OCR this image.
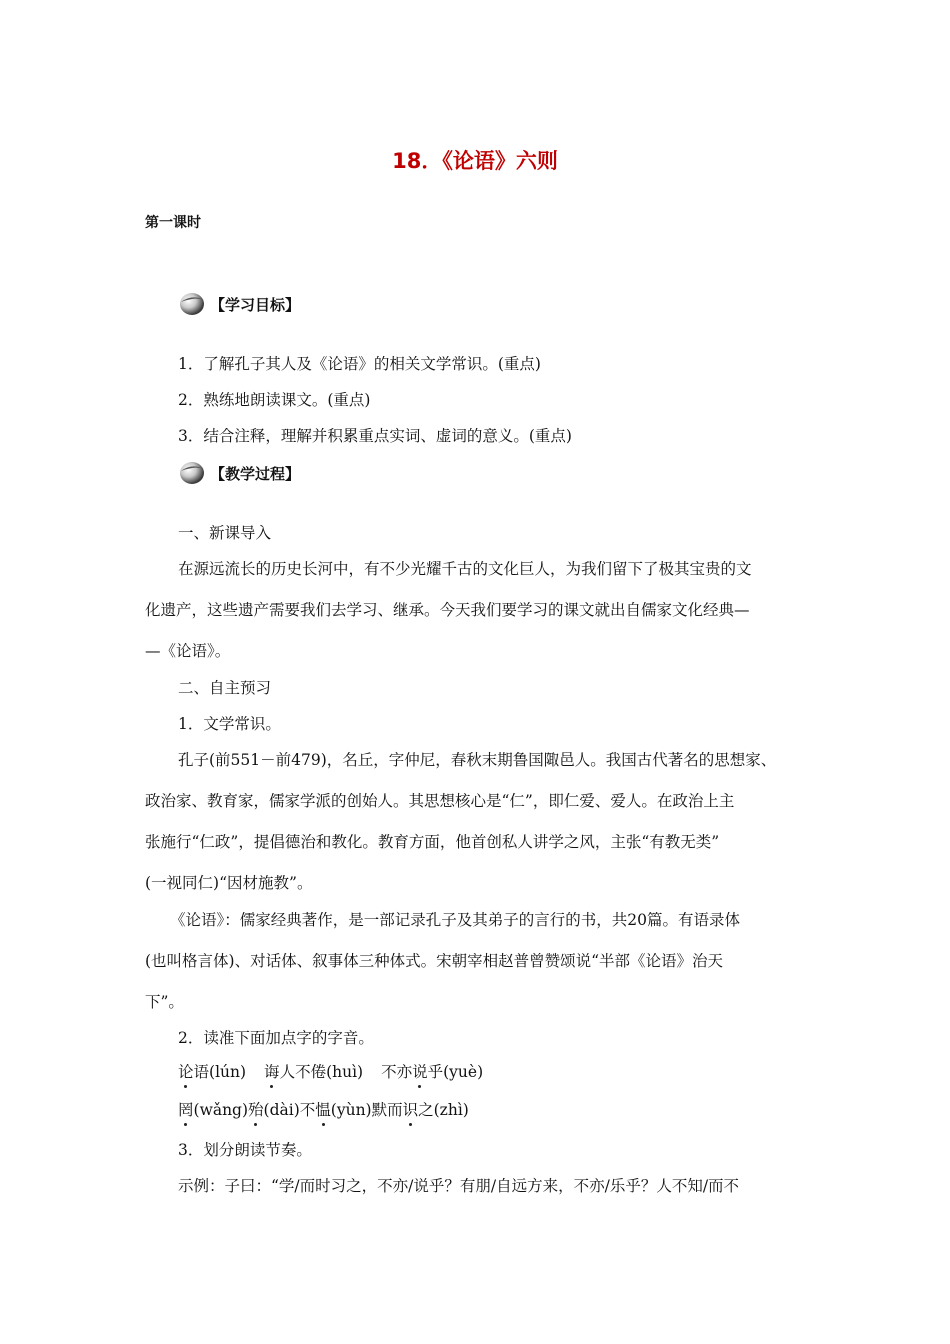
18．《论语》六则
第一课时
【学习目标】
1．了解孔子其人及《论语》的相关文学常识。(重点)
2．熟练地朗读课文。(重点)
3．结合注释，理解并积累重点实词、虚词的意义。(重点)
【教学过程】
一、新课导入
在源远流长的历史长河中，有不少光耀千古的文化巨人，为我们留下了极其宝贵的文
化遗产，这些遗产需要我们去学习、继承。今天我们要学习的课文就出自儒家文化经典—
—《论语》。
二、自主预习
1．文学常识。
孔子(前551－前479)，名丘，字仲尼，春秋末期鲁国陬邑人。我国古代著名的思想家、
政治家、教育家，儒家学派的创始人。其思想核心是“仁”，即仁爱、爱人。在政治上主
张施行“仁政”，提倡德治和教化。教育方面，他首创私人讲学之风，主张“有教无类”
(一视同仁)“因材施教”。
《论语》：儒家经典著作，是一部记录孔子及其弟子的言行的书，共20篇。有语录体
(也叫格言体)、对话体、叙事体三种体式。宋朝宰相赵普曾赞颂说“半部《论语》治天
下”。
2．读准下面加点字的字音。
论语(lún) 诲人不倦(huì) 不亦说乎(yuè)
罔(wǎng)殆(dài)不愠(yùn)默而识之(zhì)
3．划分朗读节奏。
示例：子曰：“学/而时习之，不亦/说乎？有朋/自远方来，不亦/乐乎？人不知/而不
